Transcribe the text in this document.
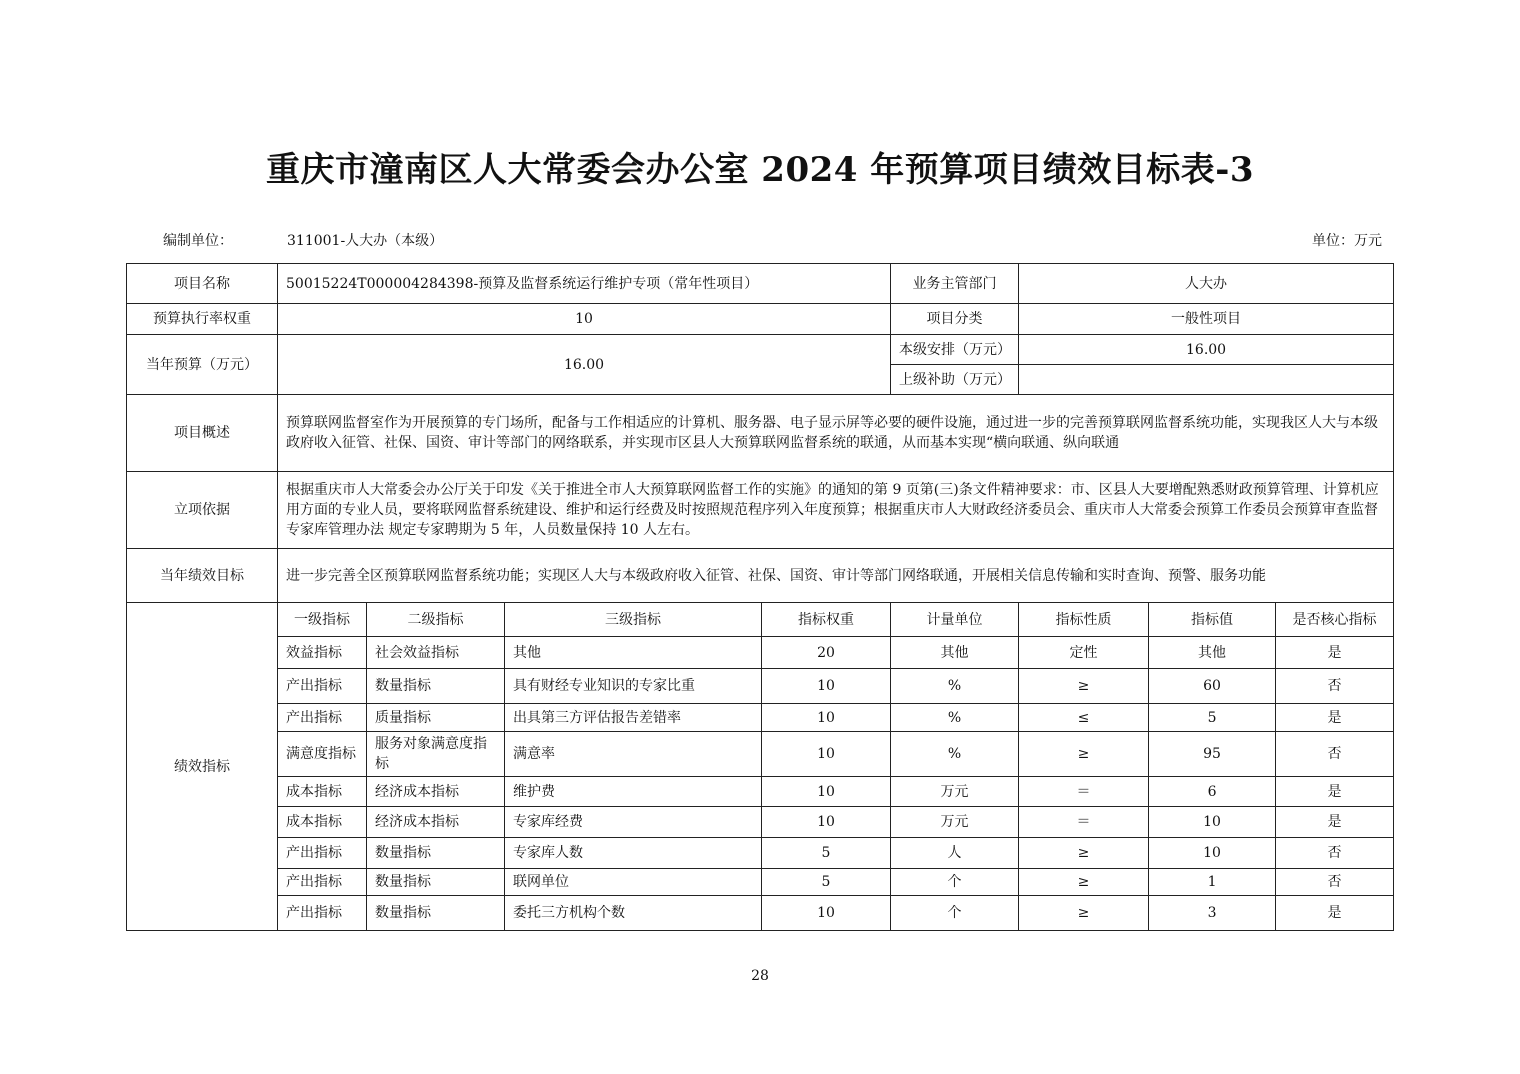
重庆市潼南区人大常委会办公室 2024 年预算项目绩效目标表-3
编制单位：	311001-人大办（本级）	单位：万元
项目名称	50015224T000004284398-预算及监督系统运行维护专项（常年性项目）				业务主管部门	人大办		
预算执行率权重	10				项目分类	一般性项目		
当年预算（万元）	16.00				本级安排（万元）	16.00		
					上级补助（万元）			
项目概述	预算联网监督室作为开展预算的专门场所，配备与工作相适应的计算机、服务器、电子显示屏等必要的硬件设施，通过进一步的完善预算联网监督系统功能，实现我区人大与本级政府收入征管、社保、国资、审计等部门的网络联系，并实现市区县人大预算联网监督系统的联通，从而基本实现“横向联通、纵向联通							
立项依据	根据重庆市人大常委会办公厅关于印发《关于推进全市人大预算联网监督工作的实施》的通知的第 9 页第(三)条文件精神要求：市、区县人大要增配熟悉财政预算管理、计算机应用方面的专业人员，要将联网监督系统建设、维护和运行经费及时按照规范程序列入年度预算；根据重庆市人大财政经济委员会、重庆市人大常委会预算工作委员会预算审查监督专家库管理办法 规定专家聘期为 5 年，人员数量保持 10 人左右。							
当年绩效目标	进一步完善全区预算联网监督系统功能；实现区人大与本级政府收入征管、社保、国资、审计等部门网络联通，开展相关信息传输和实时查询、预警、服务功能							
绩效指标	一级指标	二级指标	三级指标	指标权重	计量单位	指标性质	指标值	是否核心指标
	效益指标	社会效益指标	其他	20	其他	定性	其他	是
	产出指标	数量指标	具有财经专业知识的专家比重	10	%	≥	60	否
	产出指标	质量指标	出具第三方评估报告差错率	10	%	≤	5	是
	满意度指标	服务对象满意度指标	满意率	10	%	≥	95	否
	成本指标	经济成本指标	维护费	10	万元	＝	6	是
	成本指标	经济成本指标	专家库经费	10	万元	＝	10	是
	产出指标	数量指标	专家库人数	5	人	≥	10	否
	产出指标	数量指标	联网单位	5	个	≥	1	否
	产出指标	数量指标	委托三方机构个数	10	个	≥	3	是
28
